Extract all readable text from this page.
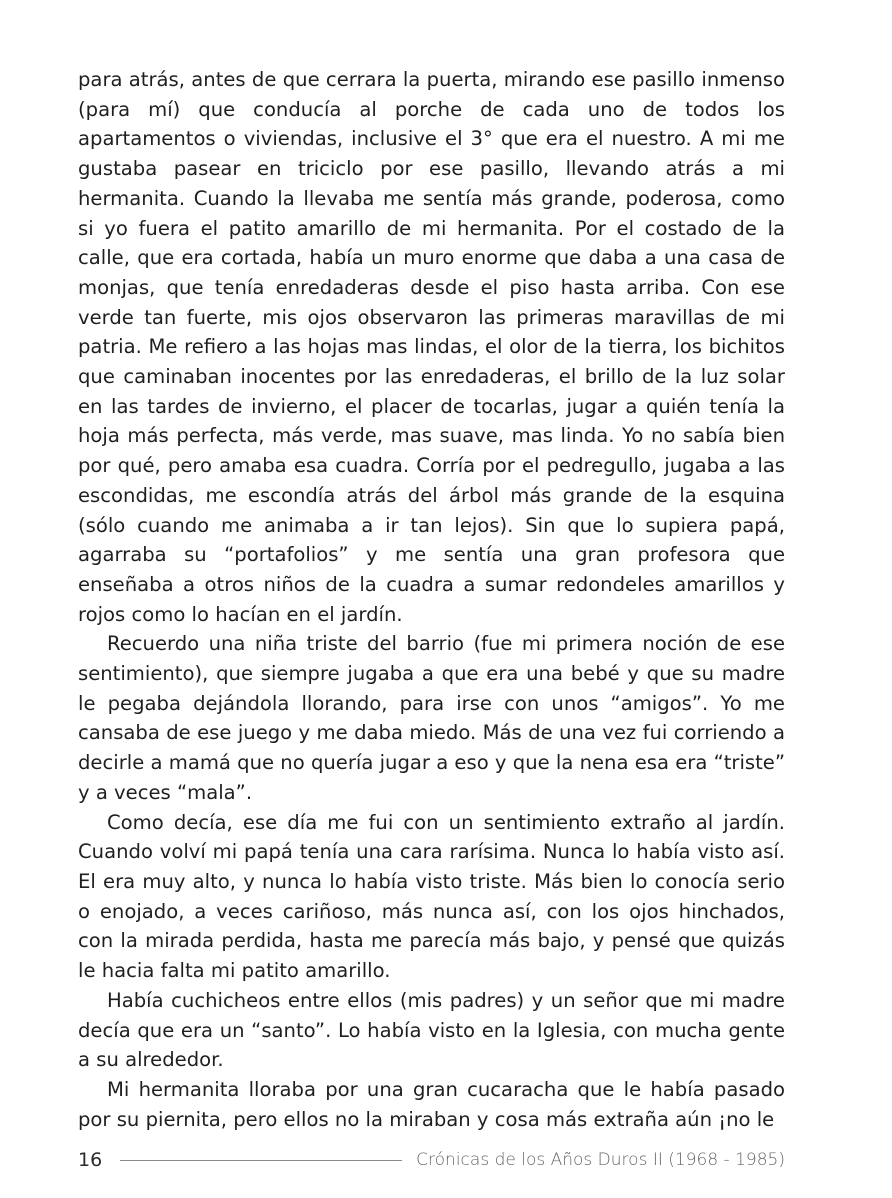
para atrás, antes de que cerrara la puerta, mirando ese pasillo inmenso (para mí) que conducía al porche de cada uno de todos los apartamentos o viviendas, inclusive el 3° que era el nuestro. A mi me gustaba pasear en triciclo por ese pasillo, llevando atrás a mi hermanita. Cuando la llevaba me sentía más grande, poderosa, como si yo fuera el patito amarillo de mi hermanita. Por el costado de la calle, que era cortada, había un muro enorme que daba a una casa de monjas, que tenía enredaderas desde el piso hasta arriba. Con ese verde tan fuerte, mis ojos observaron las primeras maravillas de mi patria. Me refiero a las hojas mas lindas, el olor de la tierra, los bichitos que caminaban inocentes por las enredaderas, el brillo de la luz solar en las tardes de invierno, el placer de tocarlas, jugar a quién tenía la hoja más perfecta, más verde, mas suave, mas linda. Yo no sabía bien por qué, pero amaba esa cuadra. Corría por el pedregullo, jugaba a las escondidas, me escondía atrás del árbol más grande de la esquina (sólo cuando me animaba a ir tan lejos). Sin que lo supiera papá, agarraba su “portafolios” y me sentía una gran profesora que enseñaba a otros niños de la cuadra a sumar redondeles amarillos y rojos como lo hacían en el jardín.

Recuerdo una niña triste del barrio (fue mi primera noción de ese sentimiento), que siempre jugaba a que era una bebé y que su madre le pegaba dejándola llorando, para irse con unos “amigos”. Yo me cansaba de ese juego y me daba miedo. Más de una vez fui corriendo a decirle a mamá que no quería jugar a eso y que la nena esa era “triste” y a veces “mala”.

Como decía, ese día me fui con un sentimiento extraño al jardín. Cuando volví mi papá tenía una cara rarísima. Nunca lo había visto así. El era muy alto, y nunca lo había visto triste. Más bien lo conocía serio o enojado, a veces cariñoso, más nunca así, con los ojos hinchados, con la mirada perdida, hasta me parecía más bajo, y pensé que quizás le hacia falta mi patito amarillo.

Había cuchicheos entre ellos (mis padres) y un señor que mi madre decía que era un “santo”. Lo había visto en la Iglesia, con mucha gente a su alrededor.

Mi hermanita lloraba por una gran cucaracha que le había pasado por su piernita, pero ellos no la miraban y cosa más extraña aún ¡no le

16	Crónicas de los Años Duros II (1968 - 1985)
